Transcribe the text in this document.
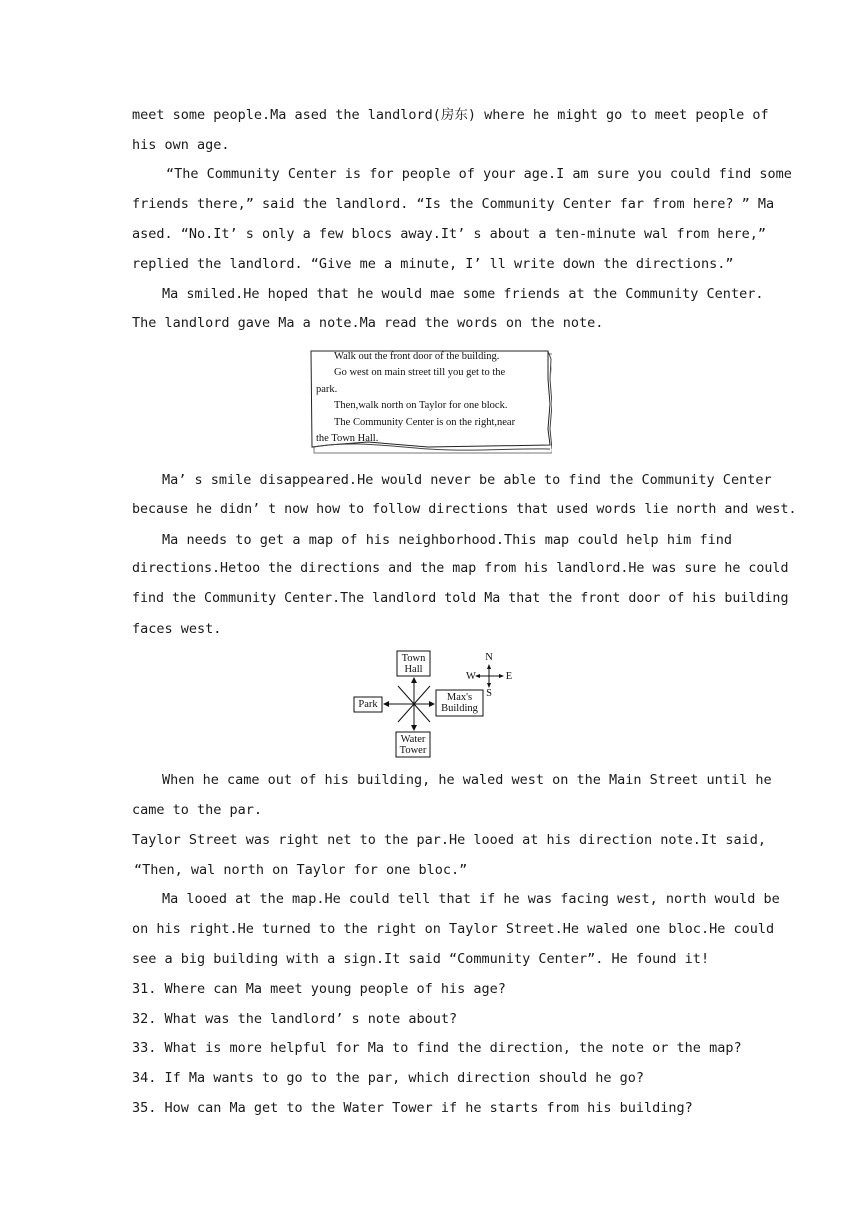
meet some people.Ma ased the landlord(房东) where he might go to meet people of
his own age.
“The Community Center is for people of your age.I am sure you could find some
friends there,” said the landlord. “Is the Community Center far from here? ” Ma
ased. “No.It’ s only a few blocs away.It’ s about a ten-minute wal from here,”
replied the landlord. “Give me a minute, I’ ll write down the directions.”
Ma smiled.He hoped that he would mae some friends at the Community Center.
The landlord gave Ma a note.Ma read the words on the note.
Walk out the front door of the building.
Go west on main street till you get to the
park.
Then,walk north on Taylor for one block.
The Community Center is on the right,near
the Town Hall.
Ma’ s smile disappeared.He would never be able to find the Community Center
because he didn’ t now how to follow directions that used words lie north and west.
Ma needs to get a map of his neighborhood.This map could help him find
directions.Hetoo the directions and the map from his landlord.He was sure he could
find the Community Center.The landlord told Ma that the front door of his building
faces west.
Town
Hall
Park
Max's
Building
Water
Tower
N
W	E
S
When he came out of his building, he waled west on the Main Street until he
came to the par.
Taylor Street was right net to the par.He looed at his direction note.It said,
“Then, wal north on Taylor for one bloc.”
Ma looed at the map.He could tell that if he was facing west, north would be
on his right.He turned to the right on Taylor Street.He waled one bloc.He could
see a big building with a sign.It said “Community Center”. He found it!
31. Where can Ma meet young people of his age?
32. What was the landlord’ s note about?
33. What is more helpful for Ma to find the direction, the note or the map?
34. If Ma wants to go to the par, which direction should he go?
35. How can Ma get to the Water Tower if he starts from his building?
